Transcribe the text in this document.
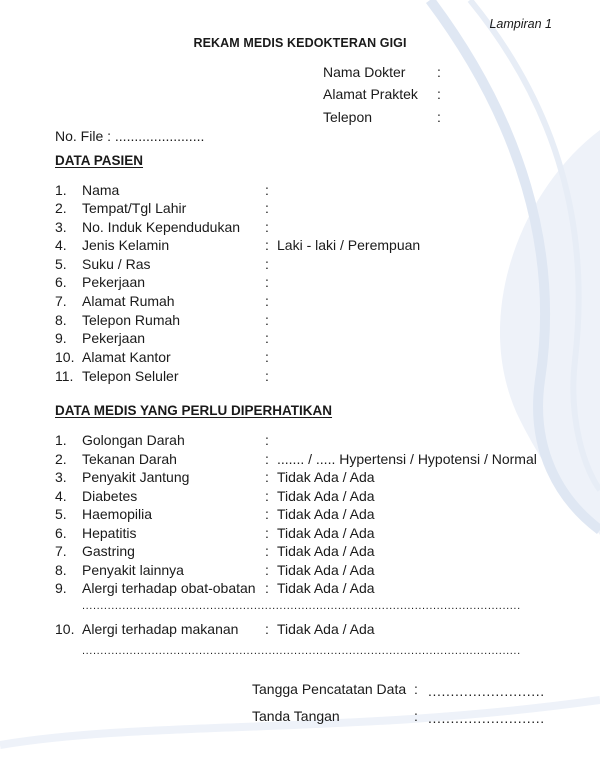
Lampiran 1
REKAM MEDIS KEDOKTERAN GIGI
Nama Dokter :
Alamat Praktek :
Telepon	:
No. File : .......................
DATA PASIEN
1. Nama	:
2. Tempat/Tgl Lahir	:
3. No. Induk Kependudukan :
4. Jenis Kelamin	: Laki - laki / Perempuan
5. Suku / Ras	:
6. Pekerjaan	:
7. Alamat Rumah	:
8. Telepon Rumah	:
9. Pekerjaan	:
10. Alamat Kantor	:
11. Telepon Seluler	:
DATA MEDIS YANG PERLU DIPERHATIKAN
1. Golongan Darah	:
2. Tekanan Darah	: ....... / ..... Hypertensi / Hypotensi / Normal
3. Penyakit Jantung	: Tidak Ada / Ada
4. Diabetes	: Tidak Ada / Ada
5. Haemopilia	: Tidak Ada / Ada
6. Hepatitis	: Tidak Ada / Ada
7. Gastring	: Tidak Ada / Ada
8. Penyakit lainnya	: Tidak Ada / Ada
9. Alergi terhadap obat-obatan : Tidak Ada / Ada
........................................................................................................................
10. Alergi terhadap makanan : Tidak Ada / Ada
........................................................................................................................
Tangga Pencatatan Data : ..........................
Tanda Tangan	: ..........................
